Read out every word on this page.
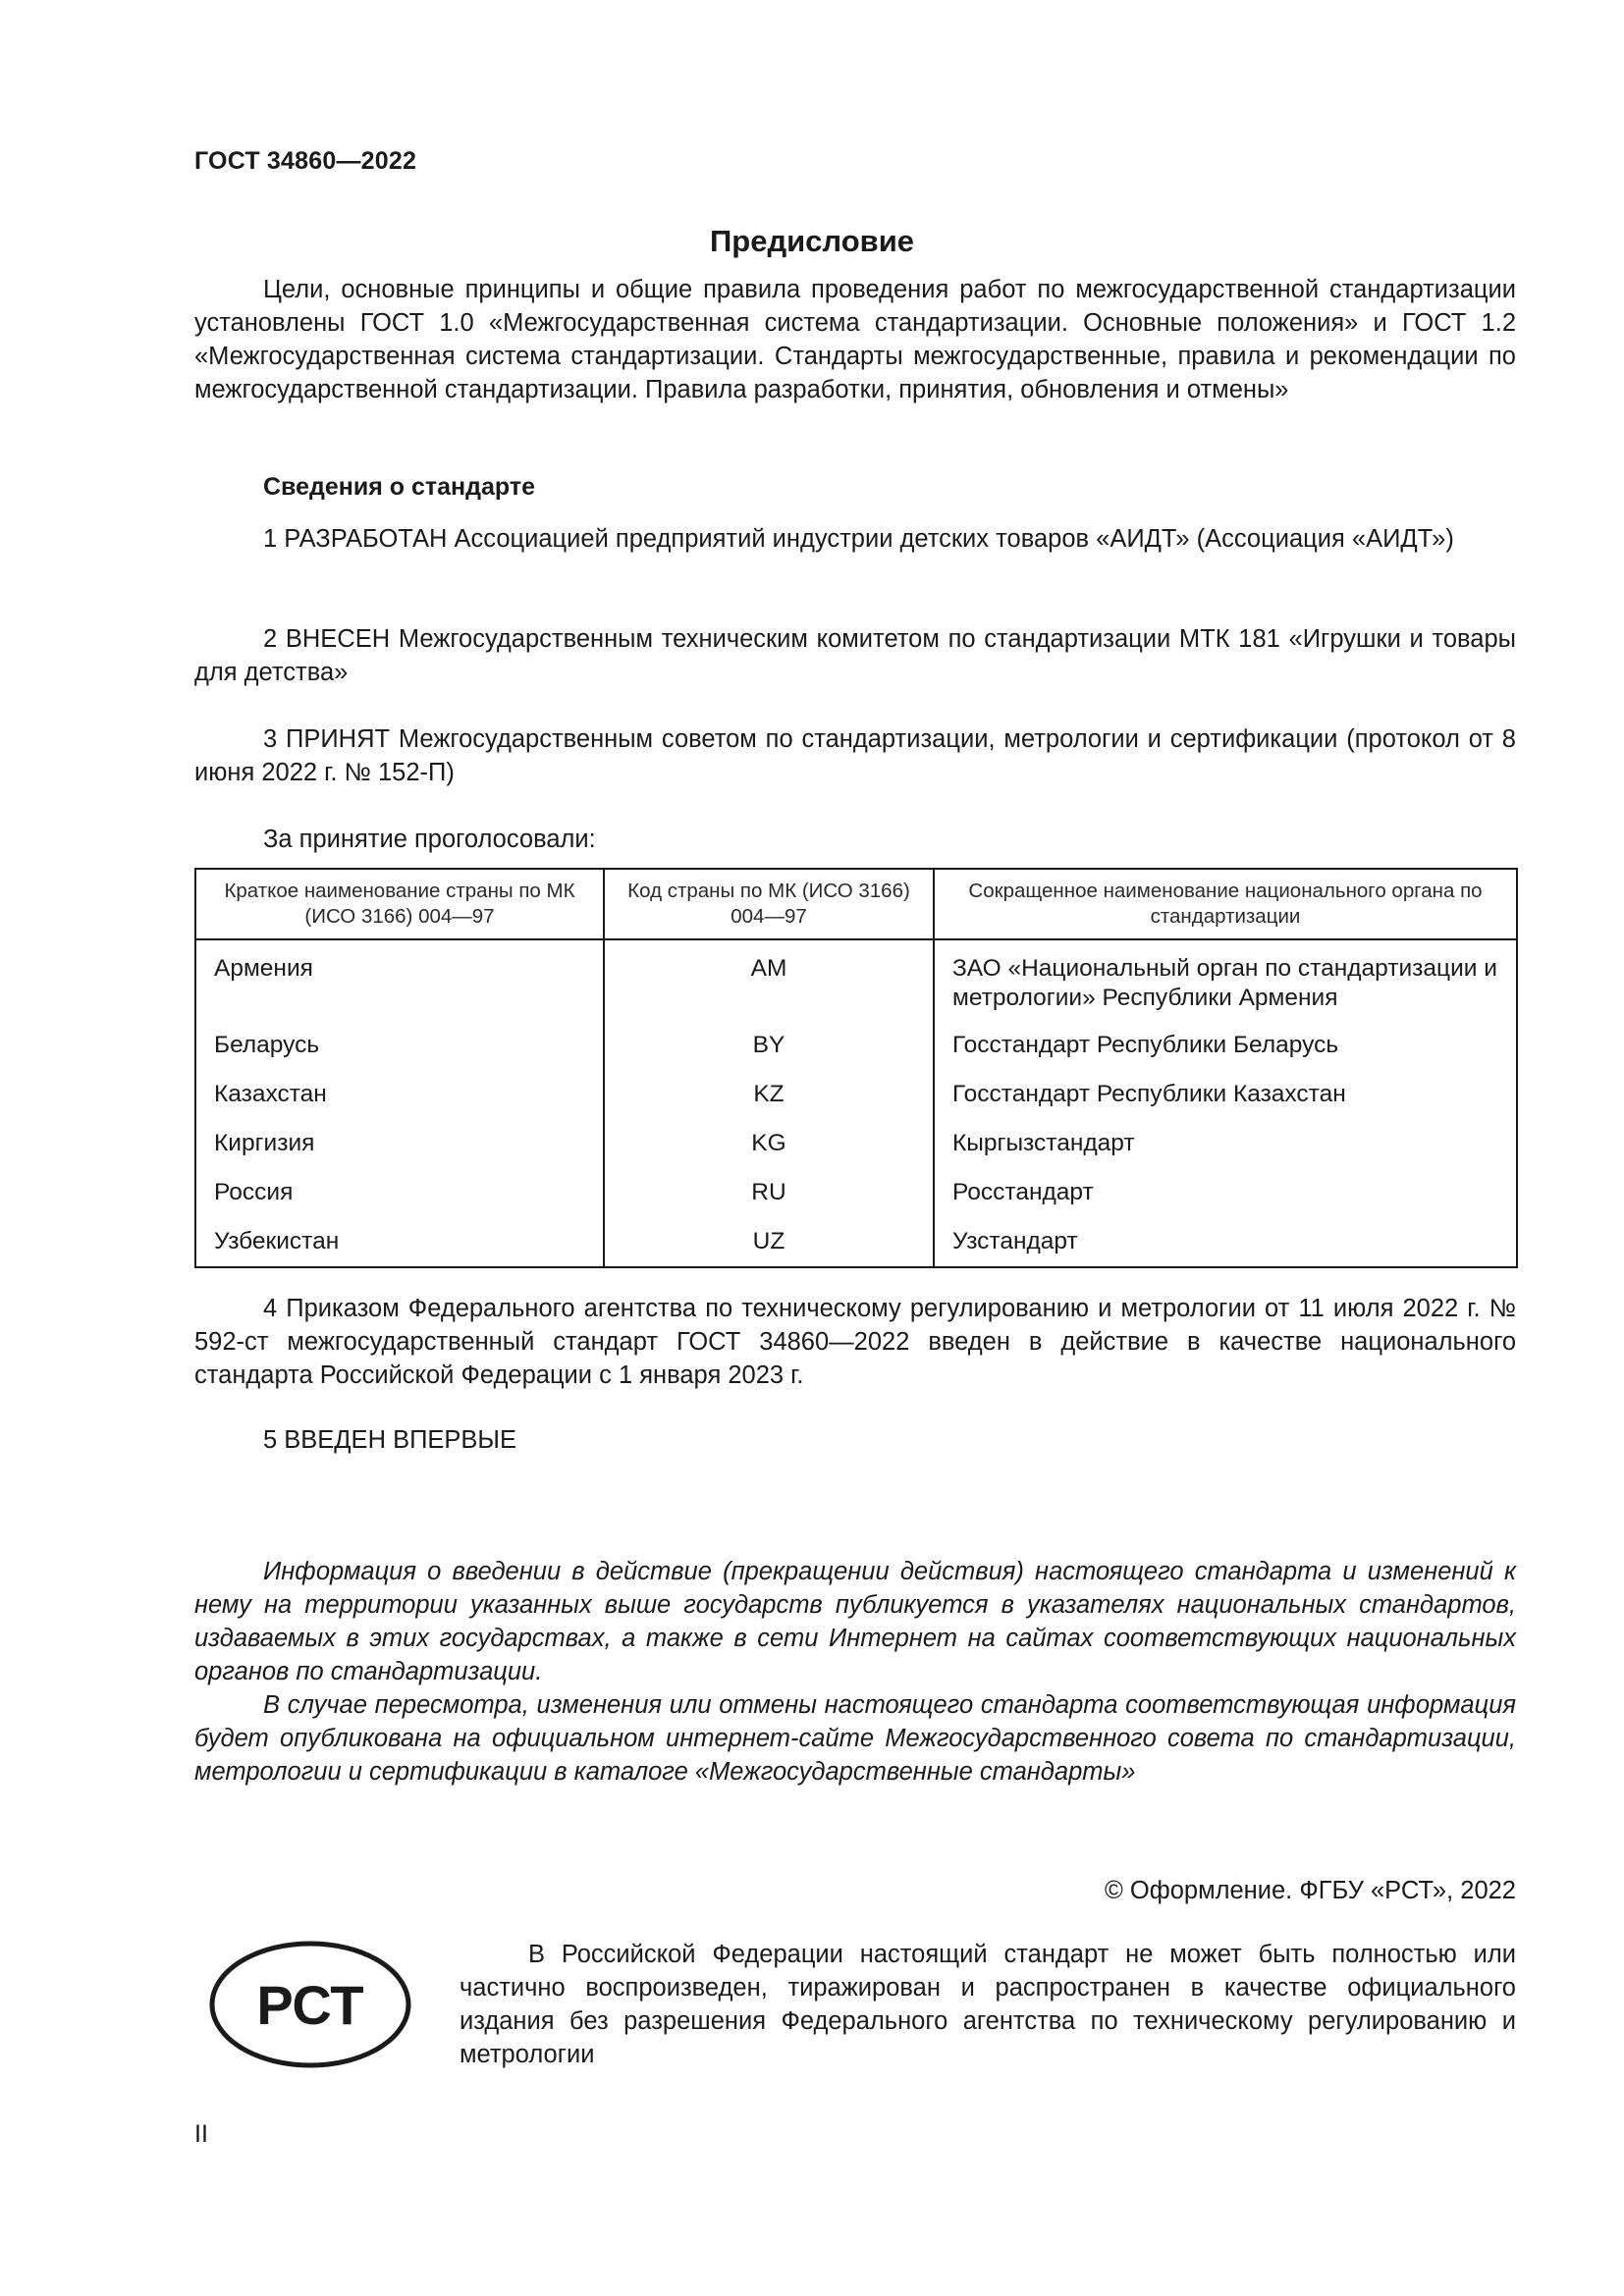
ГОСТ 34860—2022
Предисловие

Цели, основные принципы и общие правила проведения работ по межгосударственной стандартизации установлены ГОСТ 1.0 «Межгосударственная система стандартизации. Основные положения» и ГОСТ 1.2 «Межгосударственная система стандартизации. Стандарты межгосударственные, правила и рекомендации по межгосударственной стандартизации. Правила разработки, принятия, обновления и отмены»

Сведения о стандарте

1 РАЗРАБОТАН Ассоциацией предприятий индустрии детских товаров «АИДТ» (Ассоциация «АИДТ»)

2 ВНЕСЕН Межгосударственным техническим комитетом по стандартизации МТК 181 «Игрушки и товары для детства»

3 ПРИНЯТ Межгосударственным советом по стандартизации, метрологии и сертификации (протокол от 8 июня 2022 г. № 152-П)

За принятие проголосовали:
Краткое наименование страны по МК (ИСО 3166) 004—97	Код страны по МК (ИСО 3166) 004—97	Сокращенное наименование национального органа по стандартизации
Армения	AM	ЗАО «Национальный орган по стандартизации и метрологии» Республики Армения
Беларусь	BY	Госстандарт Республики Беларусь
Казахстан	KZ	Госстандарт Республики Казахстан
Киргизия	KG	Кыргызстандарт
Россия	RU	Росстандарт
Узбекистан	UZ	Узстандарт

4 Приказом Федерального агентства по техническому регулированию и метрологии от 11 июля 2022 г. № 592-ст межгосударственный стандарт ГОСТ 34860—2022 введен в действие в качестве национального стандарта Российской Федерации с 1 января 2023 г.

5 ВВЕДЕН ВПЕРВЫЕ

Информация о введении в действие (прекращении действия) настоящего стандарта и изменений к нему на территории указанных выше государств публикуется в указателях национальных стандартов, издаваемых в этих государствах, а также в сети Интернет на сайтах соответствующих национальных органов по стандартизации.

В случае пересмотра, изменения или отмены настоящего стандарта соответствующая информация будет опубликована на официальном интернет-сайте Межгосударственного совета по стандартизации, метрологии и сертификации в каталоге «Межгосударственные стандарты»

© Оформление. ФГБУ «РСТ», 2022
РСТ

В Российской Федерации настоящий стандарт не может быть полностью или частично воспроизведен, тиражирован и распространен в качестве официального издания без разрешения Федерального агентства по техническому регулированию и метрологии

II
